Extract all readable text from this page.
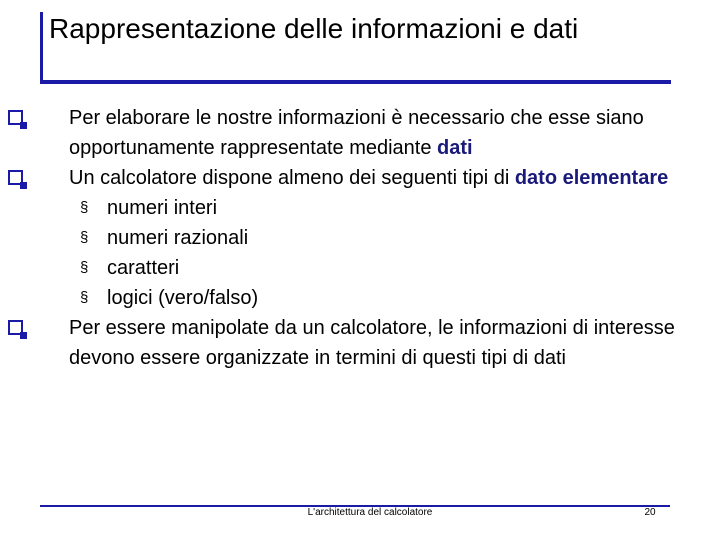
Rappresentazione delle informazioni e dati
Per elaborare le nostre informazioni è necessario che esse siano opportunamente rappresentate mediante dati
Un calcolatore dispone almeno dei seguenti tipi di dato elementare
§ numeri interi
§ numeri razionali
§ caratteri
§ logici (vero/falso)
Per essere manipolate da un calcolatore, le informazioni di interesse devono essere organizzate in termini di questi tipi di dati
L'architettura del calcolatore	20
